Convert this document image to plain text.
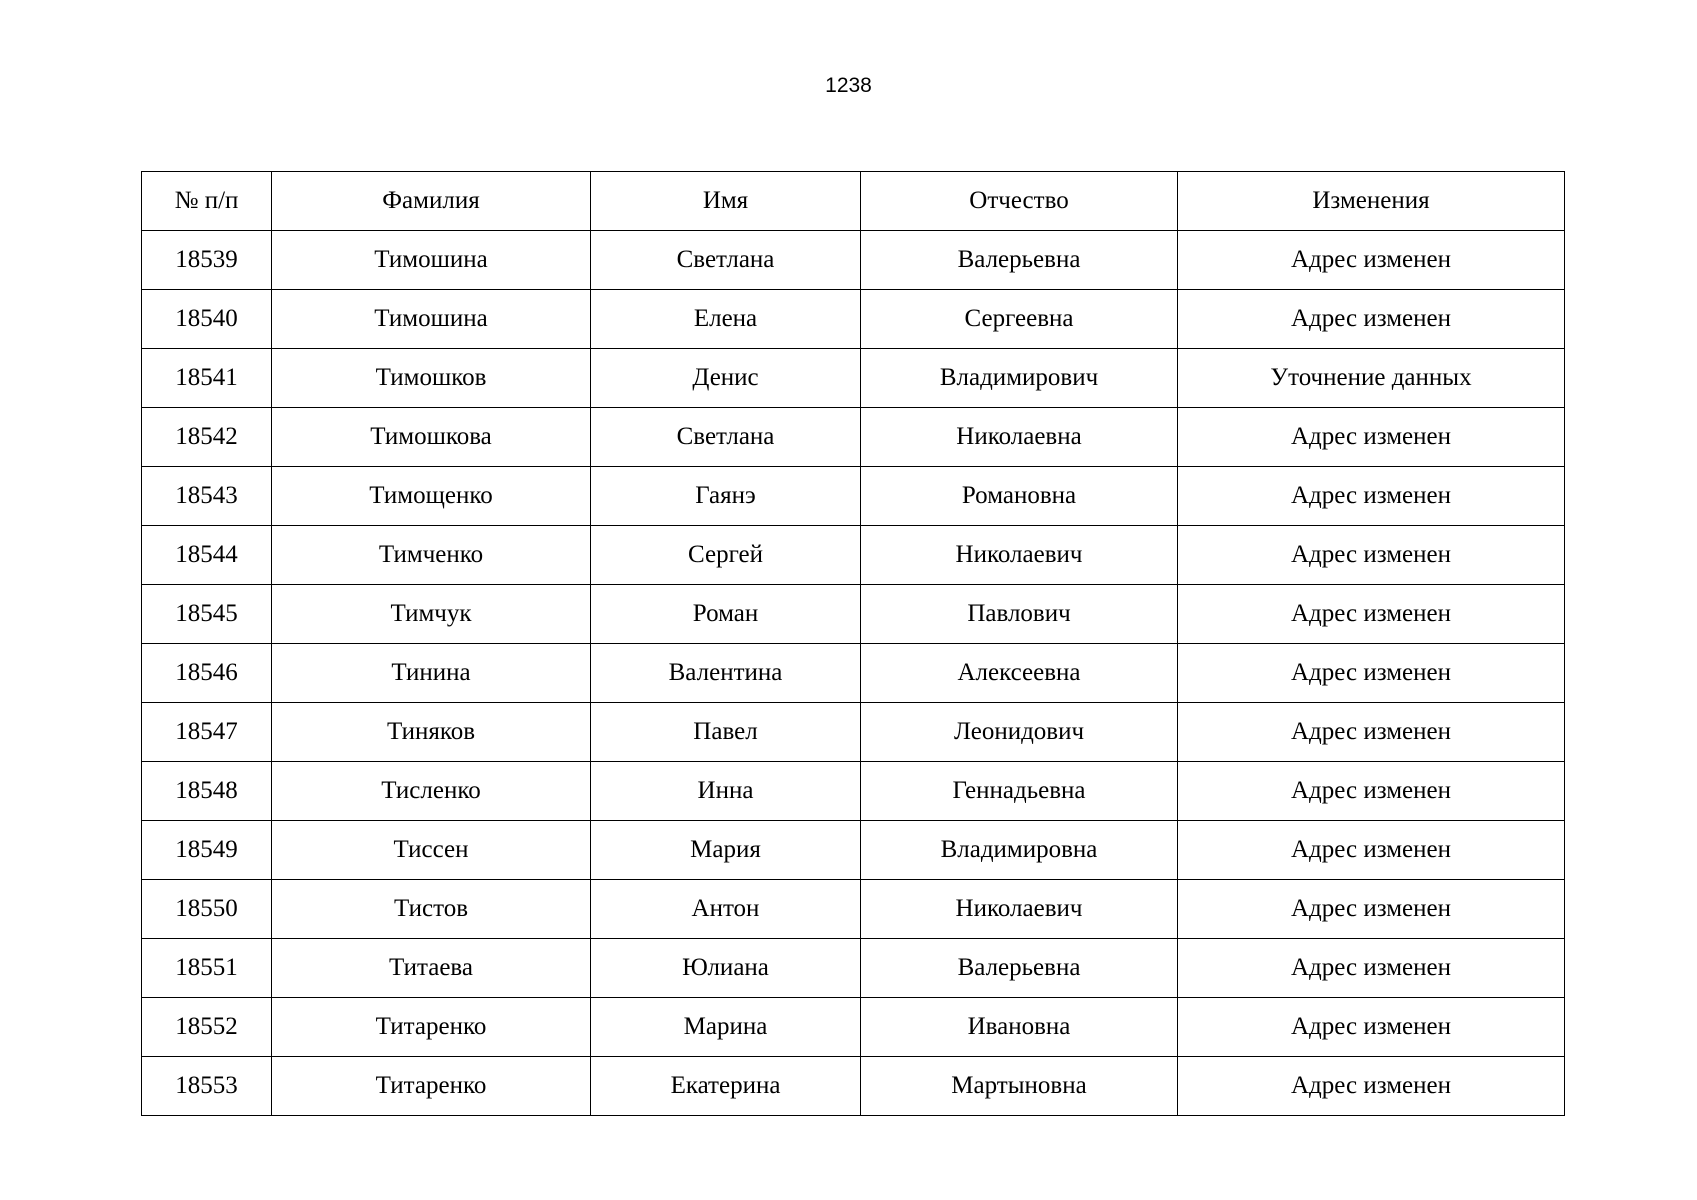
1238
№ п/п	Фамилия	Имя	Отчество	Изменения
18539	Тимошина	Светлана	Валерьевна	Адрес изменен
18540	Тимошина	Елена	Сергеевна	Адрес изменен
18541	Тимошков	Денис	Владимирович	Уточнение данных
18542	Тимошкова	Светлана	Николаевна	Адрес изменен
18543	Тимощенко	Гаянэ	Романовна	Адрес изменен
18544	Тимченко	Сергей	Николаевич	Адрес изменен
18545	Тимчук	Роман	Павлович	Адрес изменен
18546	Тинина	Валентина	Алексеевна	Адрес изменен
18547	Тиняков	Павел	Леонидович	Адрес изменен
18548	Тисленко	Инна	Геннадьевна	Адрес изменен
18549	Тиссен	Мария	Владимировна	Адрес изменен
18550	Тистов	Антон	Николаевич	Адрес изменен
18551	Титаева	Юлиана	Валерьевна	Адрес изменен
18552	Титаренко	Марина	Ивановна	Адрес изменен
18553	Титаренко	Екатерина	Мартыновна	Адрес изменен
